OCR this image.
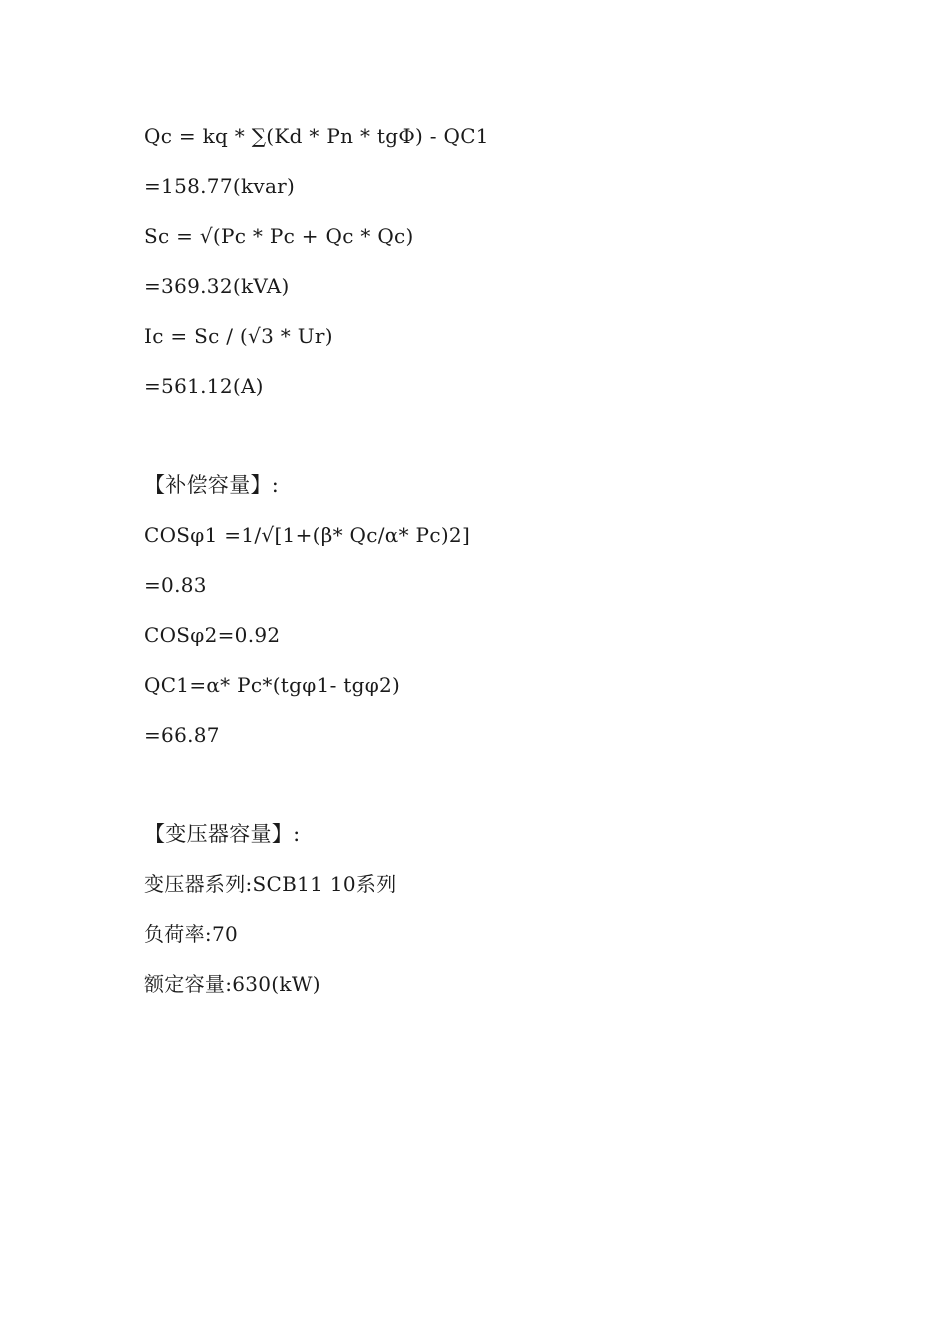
Qc = kq * ∑(Kd * Pn * tgΦ) - QC1
=158.77(kvar)
Sc = √(Pc * Pc + Qc * Qc)
=369.32(kVA)
Ic = Sc / (√3 * Ur)
=561.12(A)
【补偿容量】:
COSφ1 =1/√[1+(β* Qc/α* Pc)2]
=0.83
COSφ2=0.92
QC1=α* Pc*(tgφ1- tgφ2)
=66.87
【变压器容量】:
变压器系列:SCB11 10系列
负荷率:70
额定容量:630(kW)
